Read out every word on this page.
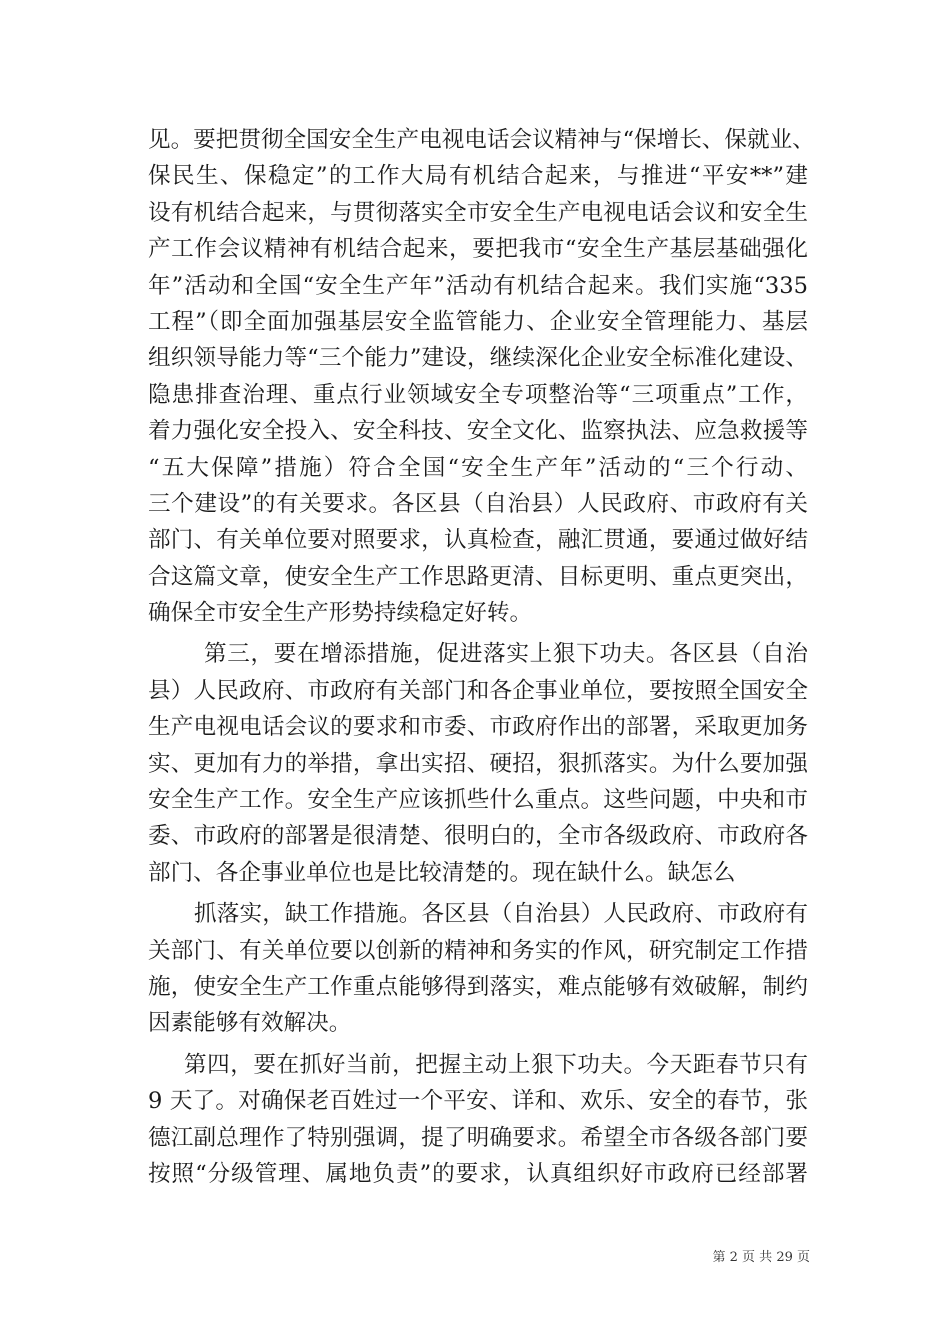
见。要把贯彻全国安全生产电视电话会议精神与“保增长、保就业、
保民生、保稳定”的工作大局有机结合起来，与推进“平安**”建
设有机结合起来，与贯彻落实全市安全生产电视电话会议和安全生
产工作会议精神有机结合起来，要把我市“安全生产基层基础强化
年”活动和全国“安全生产年”活动有机结合起来。我们实施“335
工程”（即全面加强基层安全监管能力、企业安全管理能力、基层
组织领导能力等“三个能力”建设，继续深化企业安全标准化建设、
隐患排查治理、重点行业领域安全专项整治等“三项重点”工作，
着力强化安全投入、安全科技、安全文化、监察执法、应急救援等
“五大保障”措施）符合全国“安全生产年”活动的“三个行动、
三个建设”的有关要求。各区县（自治县）人民政府、市政府有关
部门、有关单位要对照要求，认真检查，融汇贯通，要通过做好结
合这篇文章，使安全生产工作思路更清、目标更明、重点更突出，
确保全市安全生产形势持续稳定好转。
第三，要在增添措施，促进落实上狠下功夫。各区县（自治
县）人民政府、市政府有关部门和各企事业单位，要按照全国安全
生产电视电话会议的要求和市委、市政府作出的部署，采取更加务
实、更加有力的举措，拿出实招、硬招，狠抓落实。为什么要加强
安全生产工作。安全生产应该抓些什么重点。这些问题，中央和市
委、市政府的部署是很清楚、很明白的，全市各级政府、市政府各
部门、各企事业单位也是比较清楚的。现在缺什么。缺怎么
抓落实，缺工作措施。各区县（自治县）人民政府、市政府有
关部门、有关单位要以创新的精神和务实的作风，研究制定工作措
施，使安全生产工作重点能够得到落实，难点能够有效破解，制约
因素能够有效解决。
第四，要在抓好当前，把握主动上狠下功夫。今天距春节只有
9 天了。对确保老百姓过一个平安、详和、欢乐、安全的春节，张
德江副总理作了特别强调，提了明确要求。希望全市各级各部门要
按照“分级管理、属地负责”的要求，认真组织好市政府已经部署
第 2 页 共 29 页
